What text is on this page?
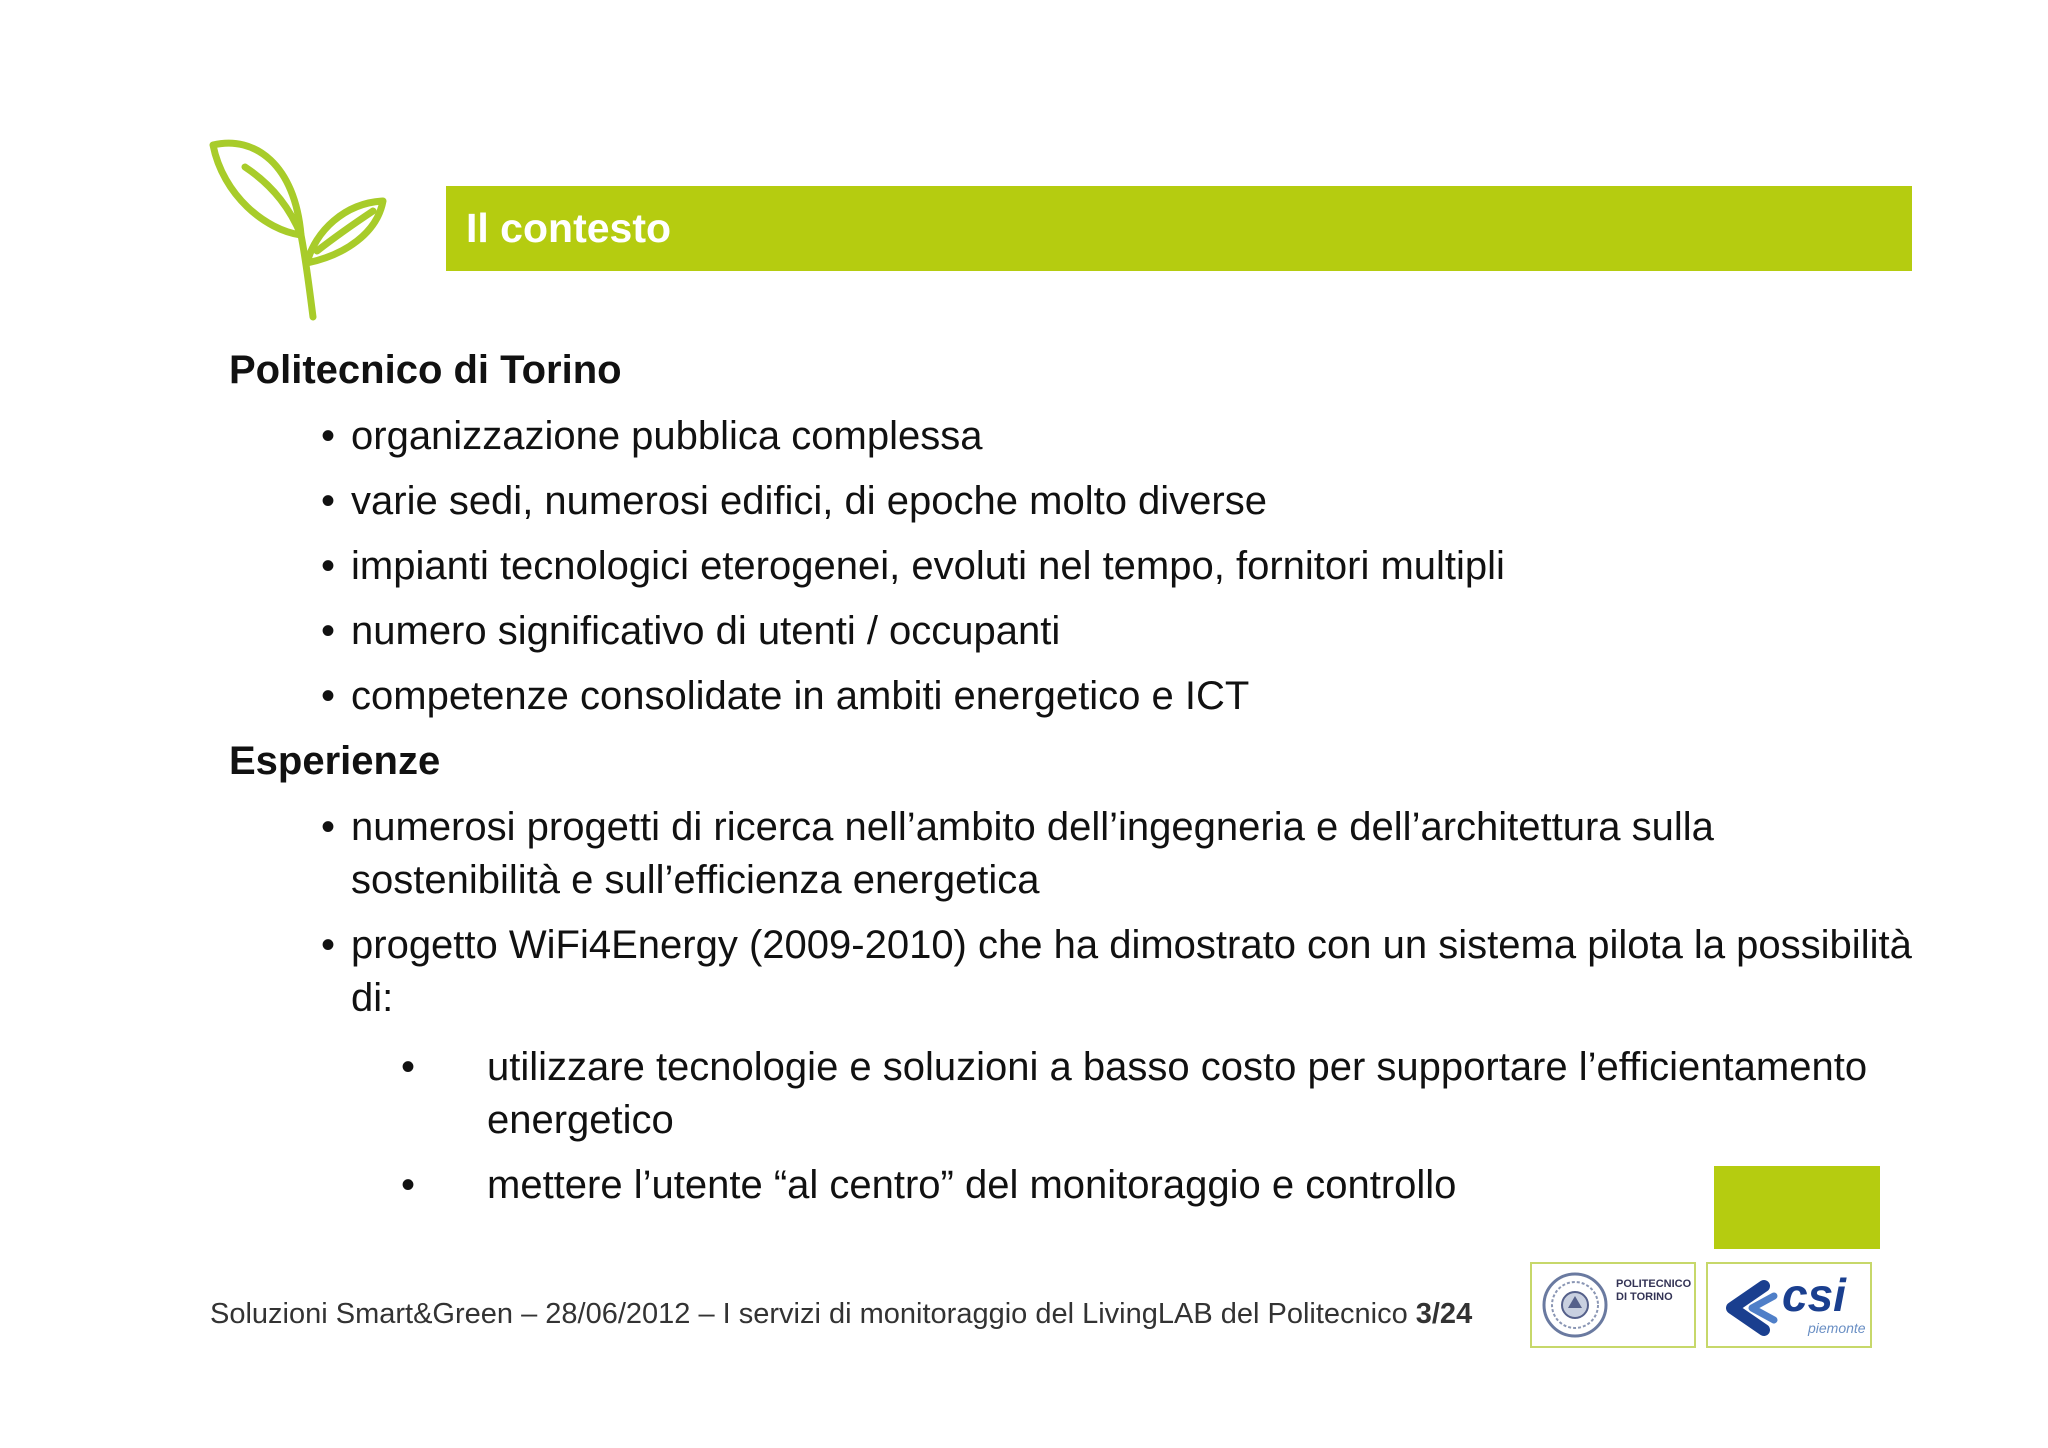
Il contesto
Politecnico di Torino
• organizzazione pubblica complessa
• varie sedi, numerosi edifici, di epoche molto diverse
• impianti tecnologici eterogenei, evoluti nel tempo, fornitori multipli
• numero significativo di utenti / occupanti
• competenze consolidate in ambiti energetico e ICT
Esperienze
• numerosi progetti di ricerca nell’ambito dell’ingegneria e dell’architettura sulla sostenibilità e sull’efficienza energetica
• progetto WiFi4Energy (2009-2010) che ha dimostrato con un sistema pilota la possibilità di:
• utilizzare tecnologie e soluzioni a basso costo per supportare l’efficientamento energetico
• mettere l’utente “al centro” del monitoraggio e controllo
Soluzioni Smart&Green – 28/06/2012 – I servizi di monitoraggio del LivingLAB del Politecnico 3/24
POLITECNICO
DI TORINO	csi
piemonte
